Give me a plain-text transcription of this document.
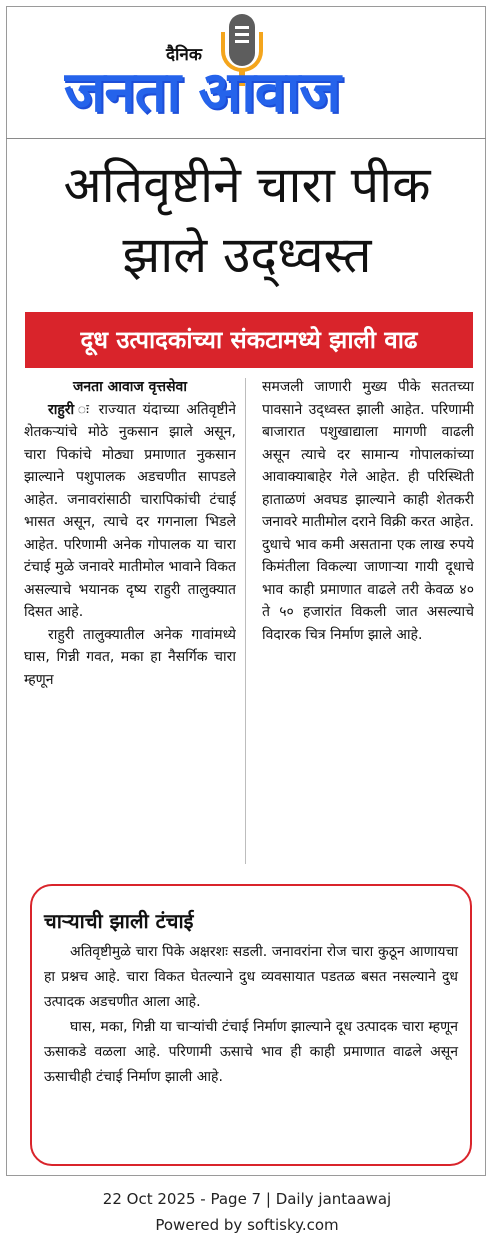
दैनिक
जनता आवाज
अतिवृष्टीने चारा पीक
झाले उद्ध्वस्त
दूध उत्पादकांच्या संकटामध्ये झाली वाढ

जनता आवाज वृत्तसेवा

राहुरी ः राज्यात यंदाच्या अतिवृष्टीने शेतकऱ्यांचे मोठे नुकसान झाले असून, चारा पिकांचे मोठ्या प्रमाणात नुकसान झाल्याने पशुपालक अडचणीत सापडले आहेत. जनावरांसाठी चारापिकांची टंचाई भासत असून, त्याचे दर गगनाला भिडले आहेत. परिणामी अनेक गोपालक या चारा टंचाई मुळे जनावरे मातीमोल भावाने विकत असल्याचे भयानक दृष्य राहुरी तालुक्यात दिसत आहे.

राहुरी तालुक्यातील अनेक गावांमध्ये घास, गिन्नी गवत, मका हा नैसर्गिक चारा म्हणून

समजली जाणारी मुख्य पीके सततच्या पावसाने उद्ध्वस्त झाली आहेत. परिणामी बाजारात पशुखाद्याला मागणी वाढली असून त्याचे दर सामान्य गोपालकांच्या आवाक्याबाहेर गेले आहेत. ही परिस्थिती हाताळणं अवघड झाल्याने काही शेतकरी जनावरे मातीमोल दराने विक्री करत आहेत. दुधाचे भाव कमी असताना एक लाख रुपये किमंतीला विकल्या जाणाऱ्या गायी दूधाचे भाव काही प्रमाणात वाढले तरी केवळ ४० ते ५० हजारांत विकली जात असल्याचे विदारक चित्र निर्माण झाले आहे.

चाऱ्याची झाली टंचाई

अतिवृष्टीमुळे चारा पिके अक्षरशः सडली. जनावरांना रोज चारा कुठून आणायचा हा प्रश्नच आहे. चारा विकत घेतल्याने दुध व्यवसायात पडतळ बसत नसल्याने दुध उत्पादक अडचणीत आला आहे.

घास, मका, गिन्नी या चाऱ्यांची टंचाई निर्माण झाल्याने दूध उत्पादक चारा म्हणून ऊसाकडे वळला आहे. परिणामी ऊसाचे भाव ही काही प्रमाणात वाढले असून ऊसाचीही टंचाई निर्माण झाली आहे.

22 Oct 2025 - Page 7 | Daily jantaawaj
Powered by softisky.com
